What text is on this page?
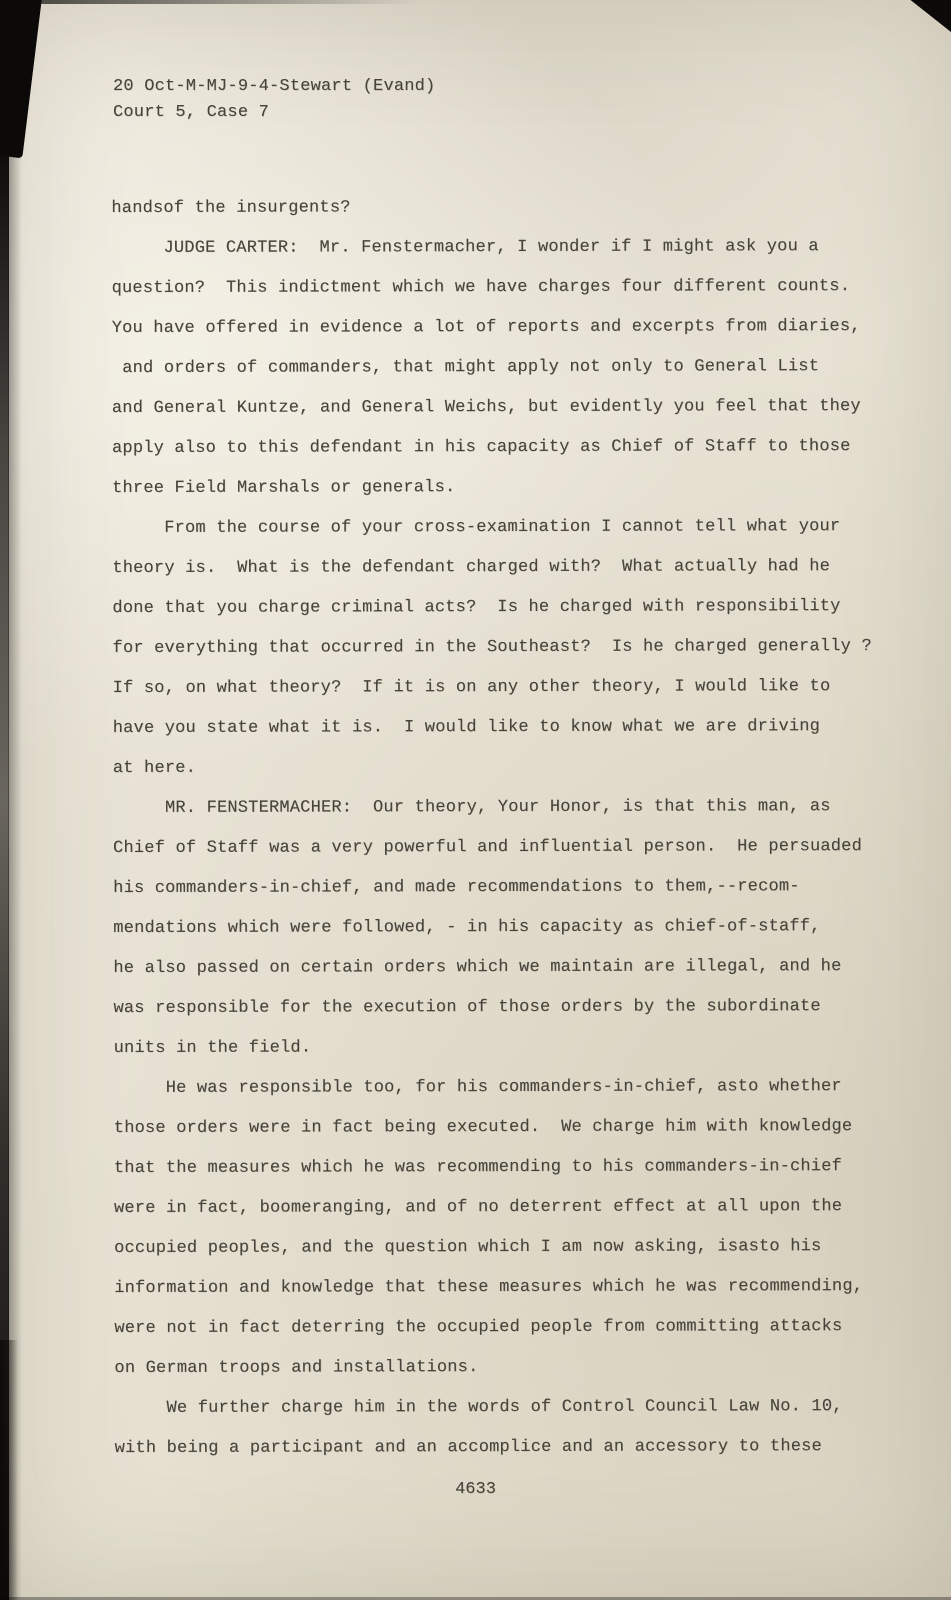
20 Oct-M-MJ-9-4-Stewart (Evand)
Court 5, Case 7
handsof the insurgents?
JUDGE CARTER:  Mr. Fenstermacher, I wonder if I might ask you a
question?  This indictment which we have charges four different counts.
You have offered in evidence a lot of reports and excerpts from diaries,
and orders of commanders, that might apply not only to General List
and General Kuntze, and General Weichs, but evidently you feel that they
apply also to this defendant in his capacity as Chief of Staff to those
three Field Marshals or generals.
From the course of your cross-examination I cannot tell what your
theory is.  What is the defendant charged with?  What actually had he
done that you charge criminal acts?  Is he charged with responsibility
for everything that occurred in the Southeast?  Is he charged generally ?
If so, on what theory?  If it is on any other theory, I would like to
have you state what it is.  I would like to know what we are driving
at here.
MR. FENSTERMACHER:  Our theory, Your Honor, is that this man, as
Chief of Staff was a very powerful and influential person.  He persuaded
his commanders-in-chief, and made recommendations to them,--recom-
mendations which were followed, - in his capacity as chief-of-staff,
he also passed on certain orders which we maintain are illegal, and he
was responsible for the execution of those orders by the subordinate
units in the field.
He was responsible too, for his commanders-in-chief, asto whether
those orders were in fact being executed.  We charge him with knowledge
that the measures which he was recommending to his commanders-in-chief
were in fact, boomeranging, and of no deterrent effect at all upon the
occupied peoples, and the question which I am now asking, isasto his
information and knowledge that these measures which he was recommending,
were not in fact deterring the occupied people from committing attacks
on German troops and installations.
We further charge him in the words of Control Council Law No. 10,
with being a participant and an accomplice and an accessory to these
4633
